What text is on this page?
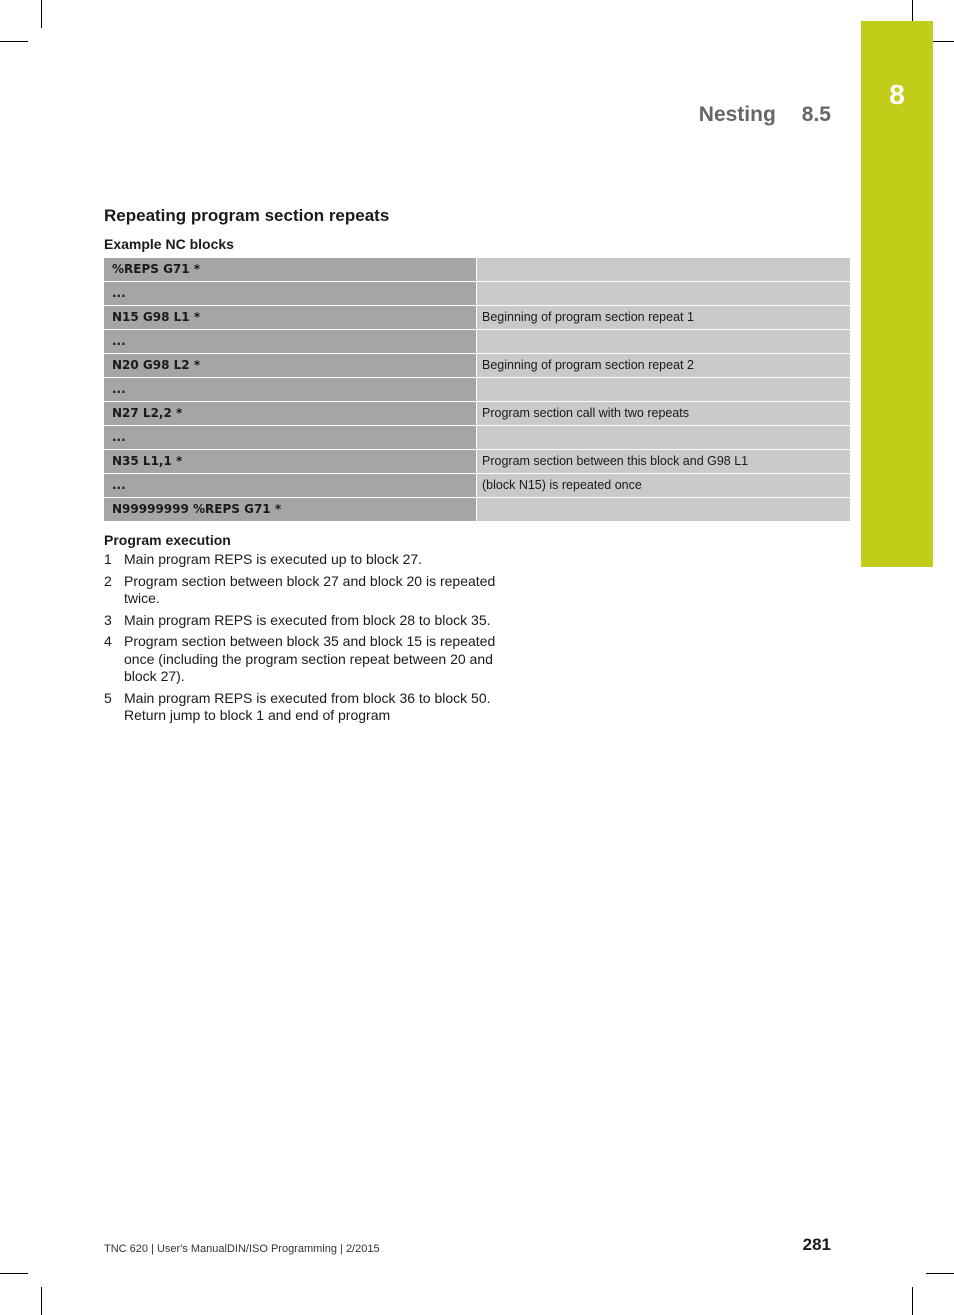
8
Nesting 8.5
Repeating program section repeats
Example NC blocks
%REPS G71 *
...
N15 G98 L1 *	Beginning of program section repeat 1
...
N20 G98 L2 *	Beginning of program section repeat 2
...
N27 L2,2 *	Program section call with two repeats
...
N35 L1,1 *	Program section between this block and G98 L1
...	(block N15) is repeated once
N99999999 %REPS G71 *
Program execution
1 Main program REPS is executed up to block 27.
2 Program section between block 27 and block 20 is repeated twice.
3 Main program REPS is executed from block 28 to block 35.
4 Program section between block 35 and block 15 is repeated once (including the program section repeat between 20 and block 27).
5 Main program REPS is executed from block 36 to block 50. Return jump to block 1 and end of program
TNC 620 | User's ManualDIN/ISO Programming | 2/2015	281
